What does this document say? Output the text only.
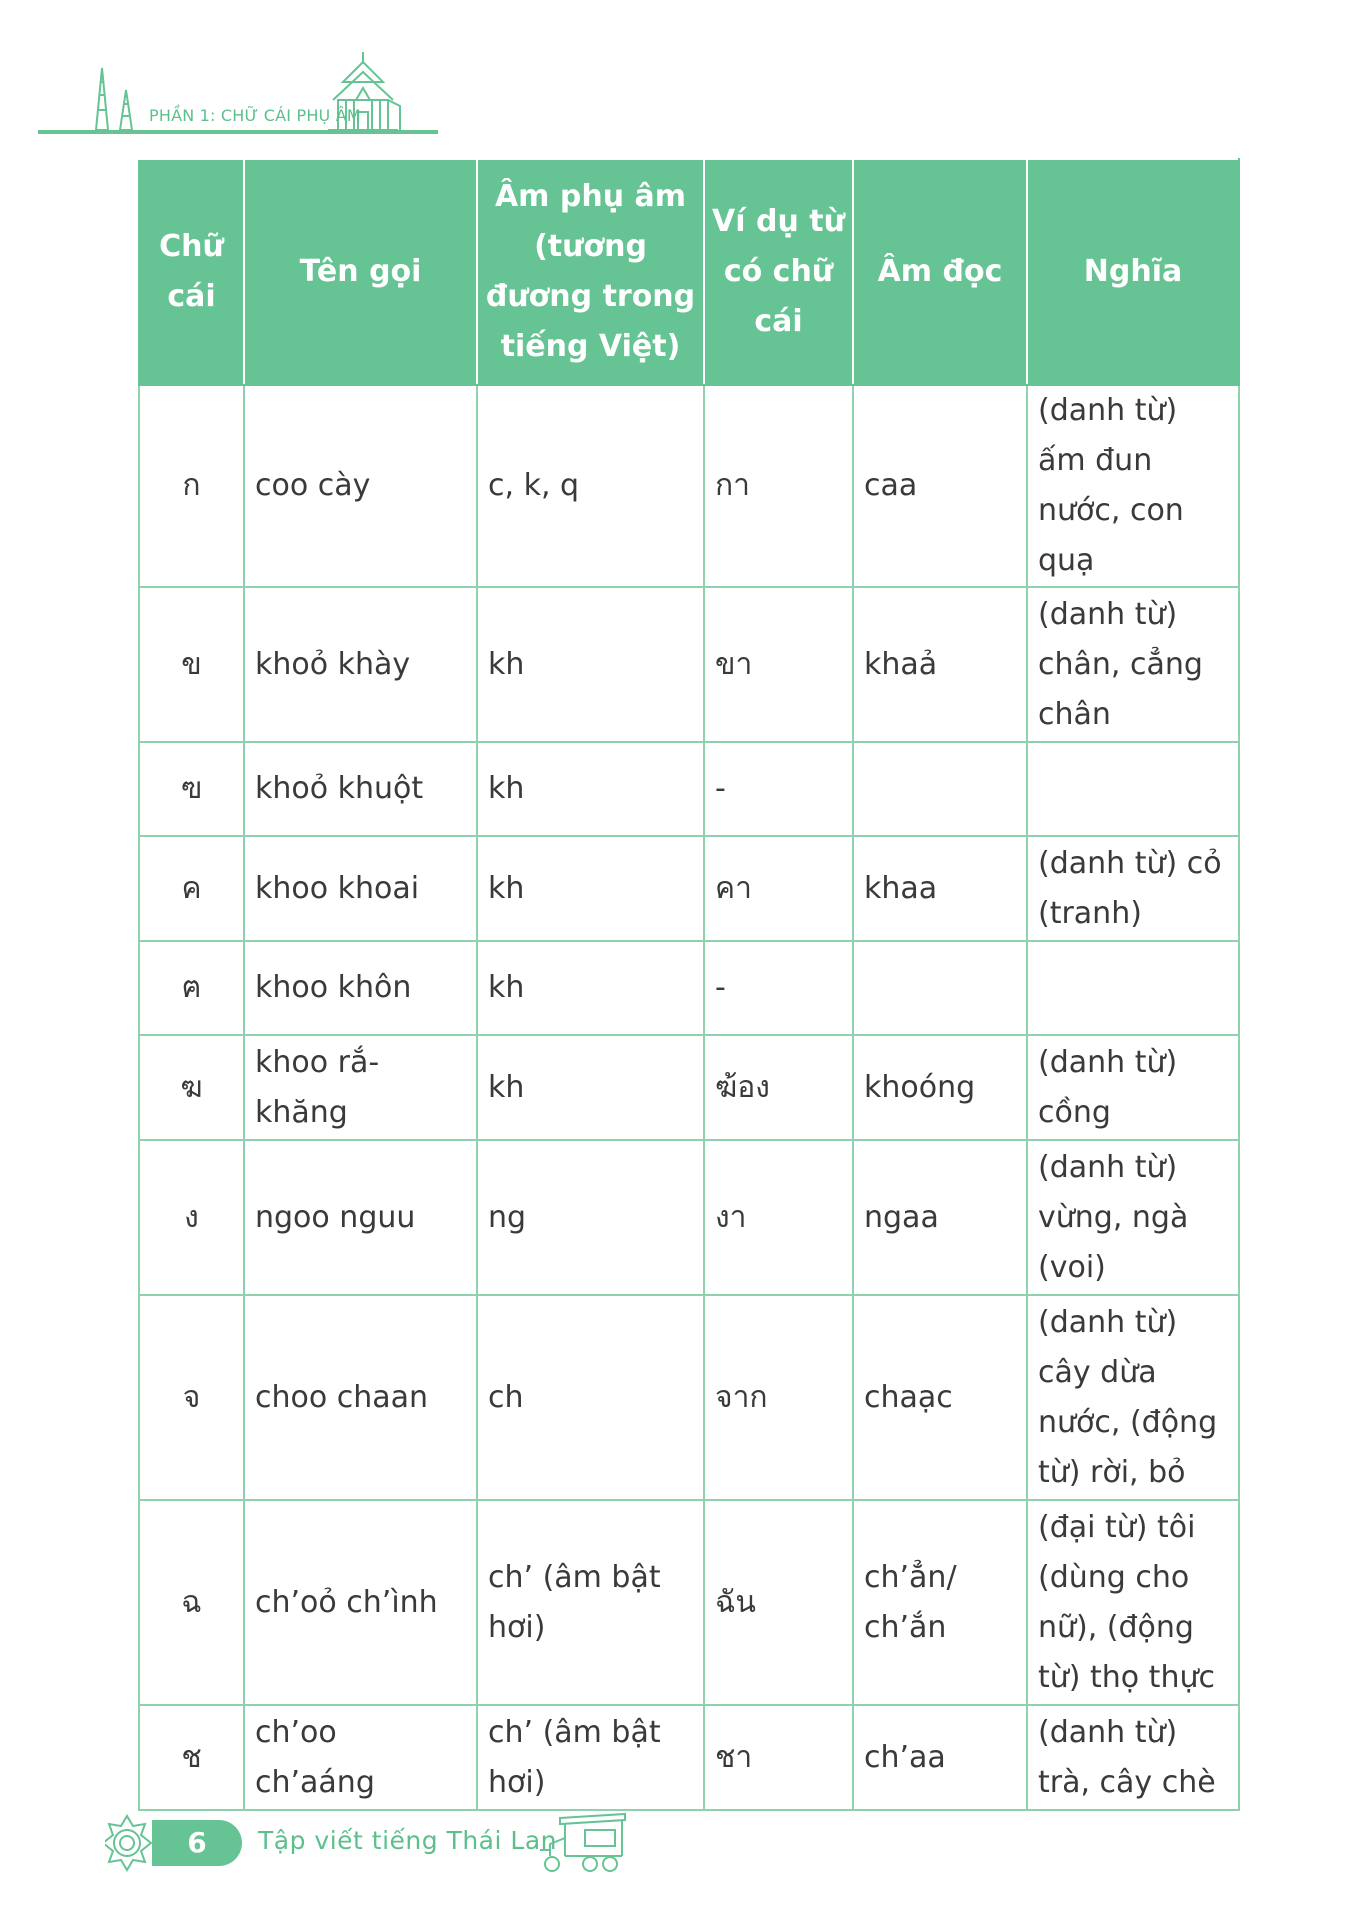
PHẦN 1: CHỮ CÁI PHỤ ÂM
Chữ cái	Tên gọi	Âm phụ âm (tương đương trong tiếng Việt)	Ví dụ từ có chữ cái	Âm đọc	Nghĩa
ก	coo cày	c, k, q	กา	caa	(danh từ) ấm đun nước, con quạ
ข	khoỏ khày	kh	ขา	khaả	(danh từ) chân, cẳng chân
ฃ	khoỏ khuột	kh	-		
ค	khoo khoai	kh	คา	khaa	(danh từ) cỏ (tranh)
ฅ	khoo khôn	kh	-		
ฆ	khoo rắ-khăng	kh	ฆ้อง	khoóng	(danh từ) cồng
ง	ngoo nguu	ng	งา	ngaa	(danh từ) vừng, ngà (voi)
จ	choo chaan	ch	จาก	chaạc	(danh từ) cây dừa nước, (động từ) rời, bỏ
ฉ	ch’oỏ ch’ình	ch’ (âm bật hơi)	ฉัน	ch’ẳn/ ch’ắn	(đại từ) tôi (dùng cho nữ), (động từ) thọ thực
ช	ch’oo ch’aáng	ch’ (âm bật hơi)	ชา	ch’aa	(danh từ) trà, cây chè
6	Tập viết tiếng Thái Lan
